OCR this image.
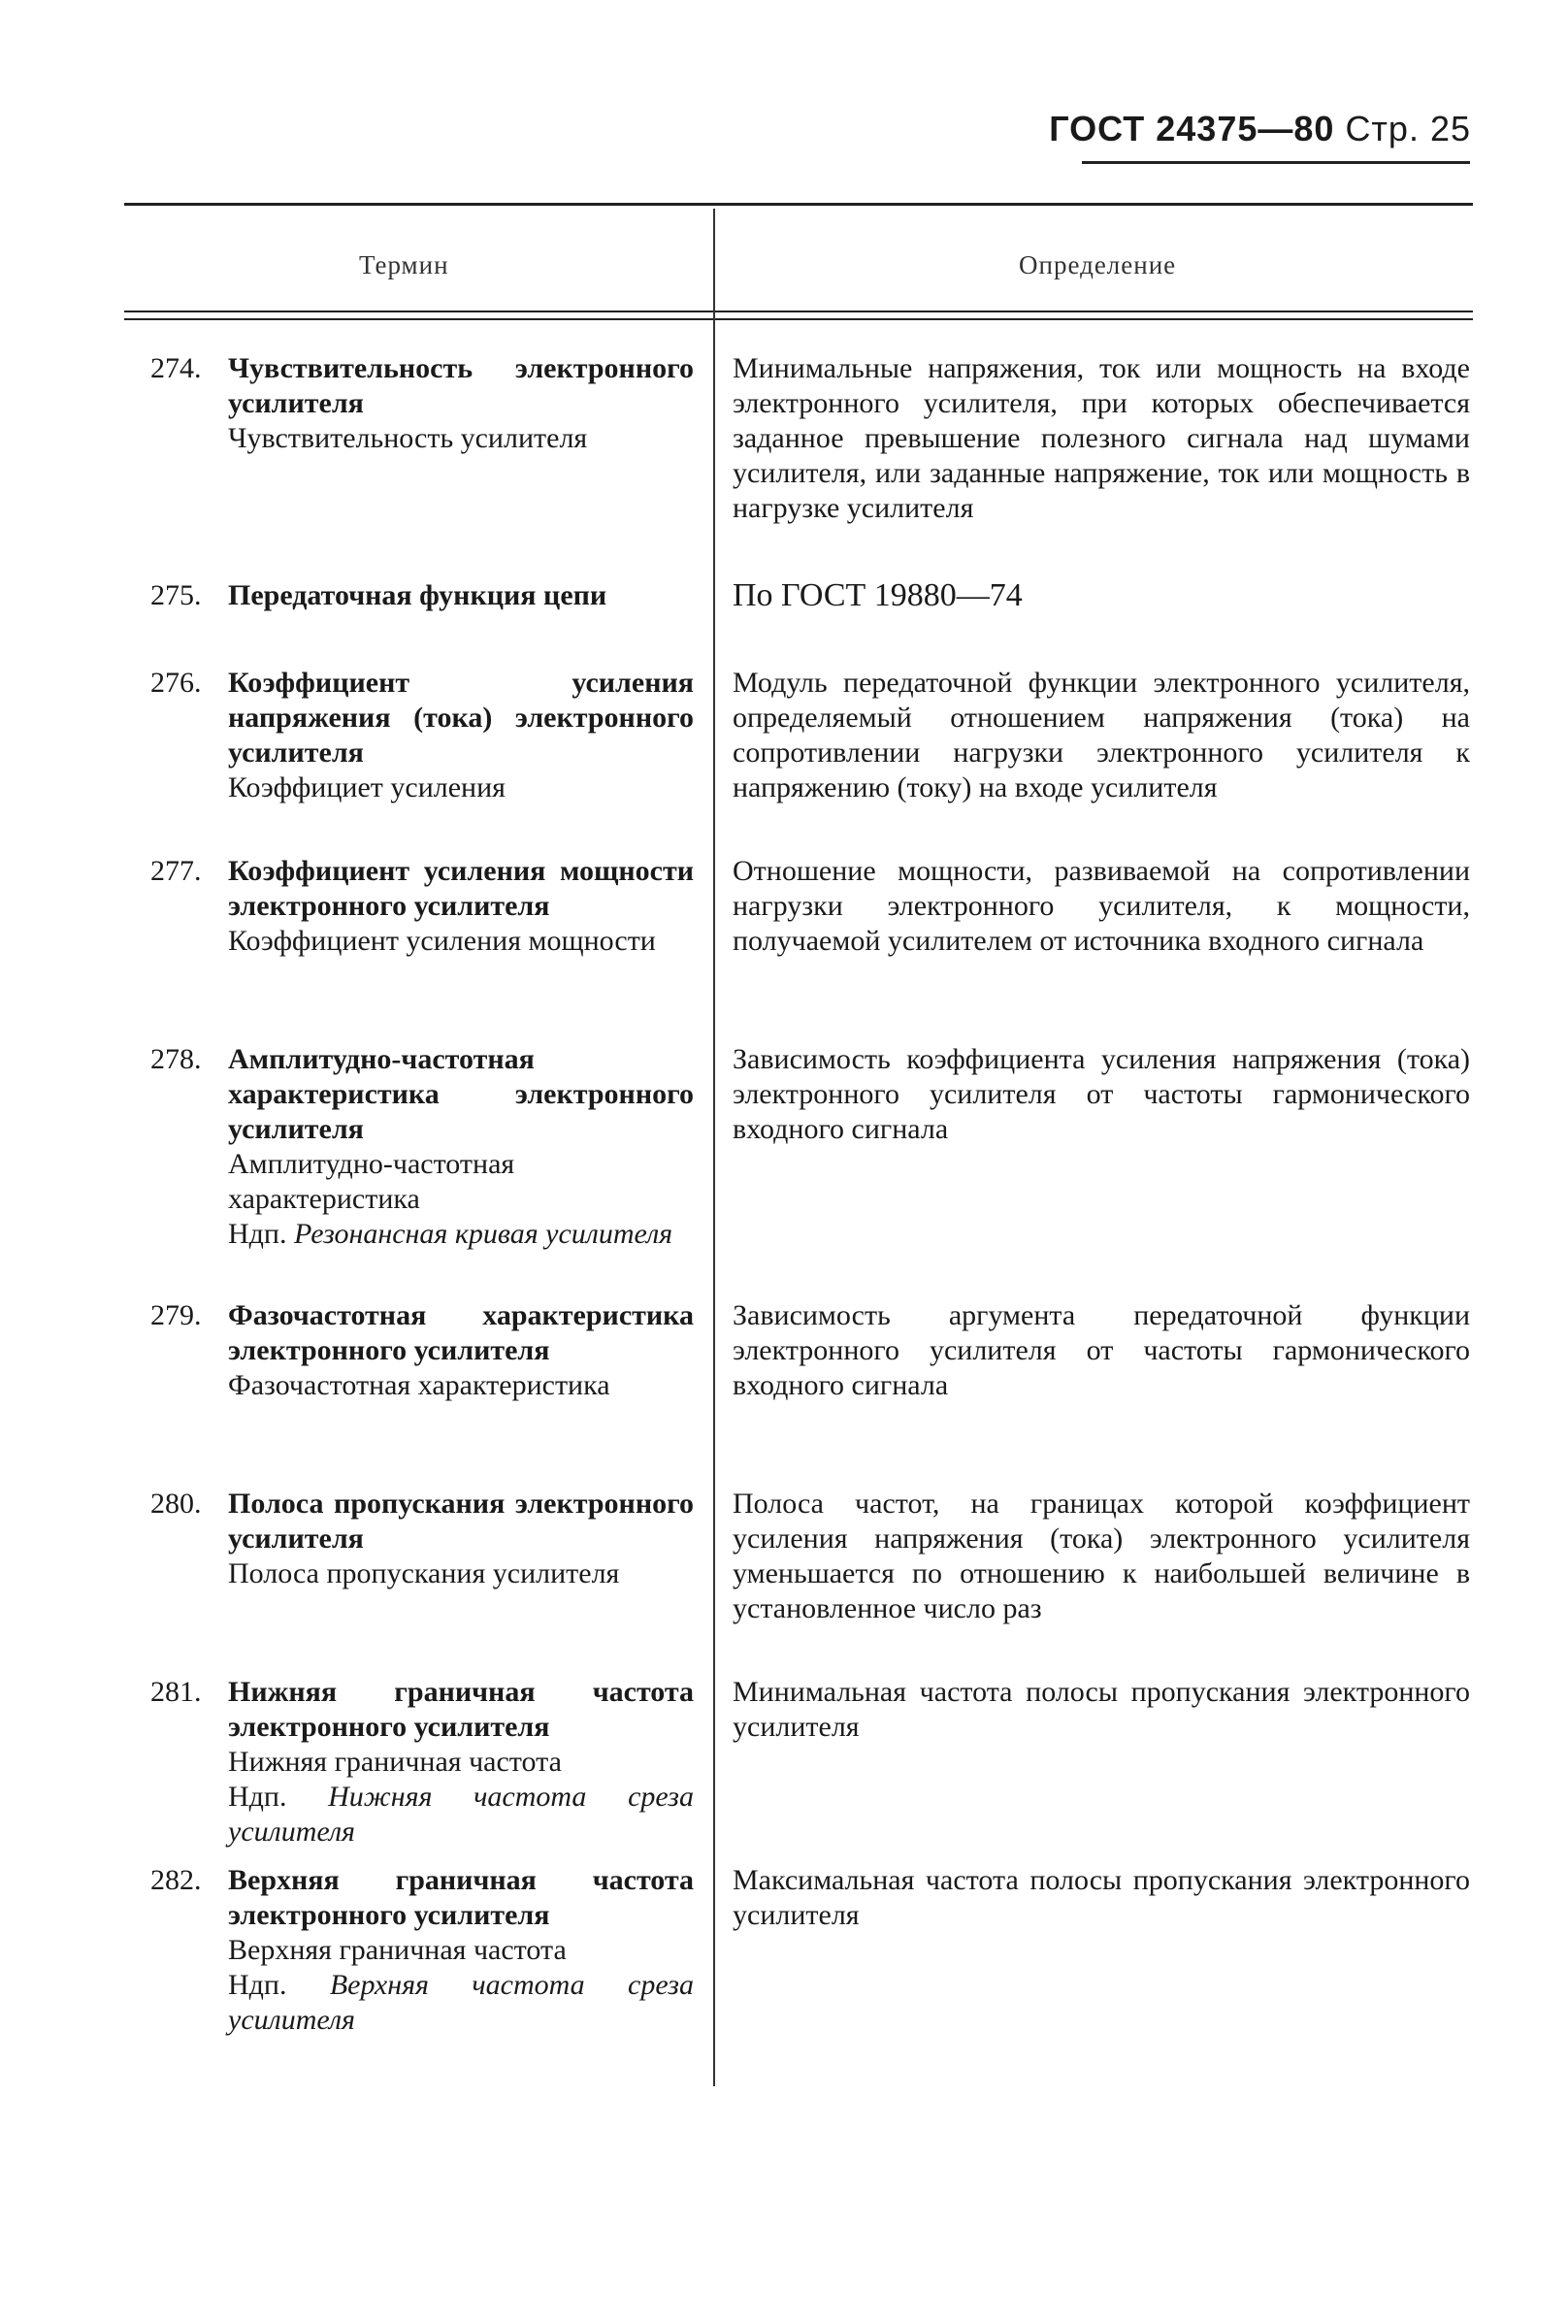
ГОСТ 24375—80 Стр. 25
Термин	Определение
274. Чувствительность электронного усилителя
Чувствительность усилителя
Минимальные напряжения, ток или мощность на входе электронного усилителя, при которых обеспечивается заданное превышение полезного сигнала над шумами усилителя, или заданные напряжение, ток или мощность в нагрузке усилителя
275. Передаточная функция цепи	По ГОСТ 19880—74
276. Коэффициент усиления напряжения (тока) электронного усилителя
Коэффициет усиления
Модуль передаточной функции электронного усилителя, определяемый отношением напряжения (тока) на сопротивлении нагрузки электронного усилителя к напряжению (току) на входе усилителя
277. Коэффициент усиления мощности электронного усилителя
Коэффициент усиления мощности
Отношение мощности, развиваемой на сопротивлении нагрузки электронного усилителя, к мощности, получаемой усилителем от источника входного сигнала
278. Амплитудно-частотная характеристика электронного усилителя
Амплитудно-частотная характеристика
Ндп. Резонансная кривая усилителя
Зависимость коэффициента усиления напряжения (тока) электронного усилителя от частоты гармонического входного сигнала
279. Фазочастотная характеристика электронного усилителя
Фазочастотная характеристика
Зависимость аргумента передаточной функции электронного усилителя от частоты гармонического входного сигнала
280. Полоса пропускания электронного усилителя
Полоса пропускания усилителя
Полоса частот, на границах которой коэффициент усиления напряжения (тока) электронного усилителя уменьшается по отношению к наибольшей величине в установленное число раз
281. Нижняя граничная частота электронного усилителя
Нижняя граничная частота
Ндп. Нижняя частота среза усилителя
Минимальная частота полосы пропускания электронного усилителя
282. Верхняя граничная частота электронного усилителя
Верхняя граничная частота
Ндп. Верхняя частота среза усилителя
Максимальная частота полосы пропускания электронного усилителя
